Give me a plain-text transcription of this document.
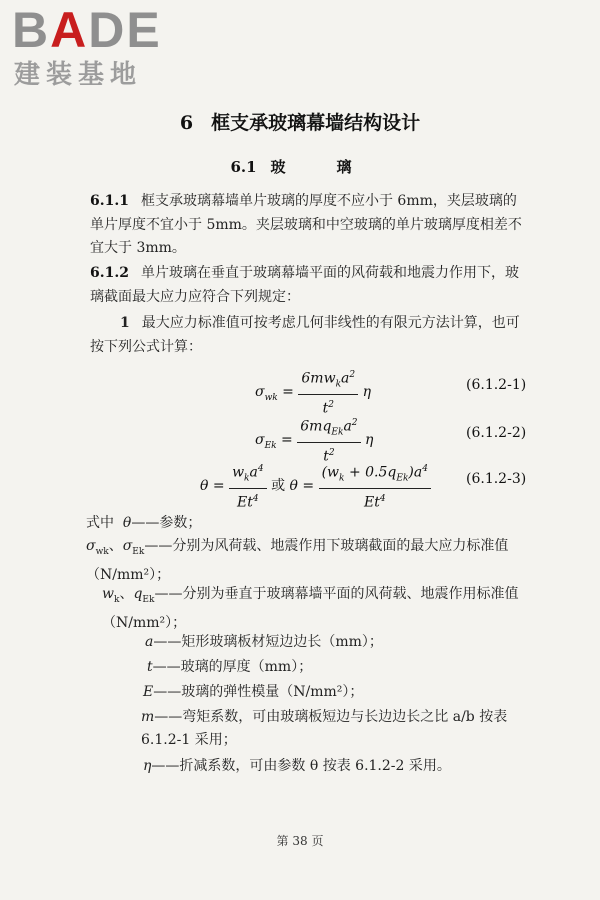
BADE
建装基地
6 框支承玻璃幕墙结构设计
6.1 玻　璃
6.1.1 框支承玻璃幕墙单片玻璃的厚度不应小于 6mm，夹层玻璃的单片厚度不宜小于 5mm。夹层玻璃和中空玻璃的单片玻璃厚度相差不宜大于 3mm。
6.1.2 单片玻璃在垂直于玻璃幕墙平面的风荷载和地震力作用下，玻璃截面最大应力应符合下列规定：
1 最大应力标准值可按考虑几何非线性的有限元方法计算，也可按下列公式计算：
$\sigma_{wk} = \frac{6mw_ka^2}{t^2}$ η	(6.1.2-1)
$\sigma_{Ek} = \frac{6mq_{Ek}a^2}{t^2}$ η	(6.1.2-2)
$\theta = \frac{w_ka^4}{Et^4}$ 或 $\theta = \frac{(w_k + 0.5q_{Ek})a^4}{Et^4}$	(6.1.2-3)
式中 θ——参数；
$\sigma_{wk}$、$\sigma_{Ek}——$分别为风荷载、地震作用下玻璃截面的最大应力标准值（N/mm²）；
$w_k$、$q_{Ek}——$分别为垂直于玻璃幕墙平面的风荷载、地震作用标准值（N/mm²）；
a——矩形玻璃板材短边边长（mm）；
t——玻璃的厚度（mm）；
E——玻璃的弹性模量（N/mm²）；
m——弯矩系数，可由玻璃板短边与长边边长之比 a/b 按表 6.1.2-1 采用；
η——折减系数，可由参数 θ 按表 6.1.2-2 采用。
第 38 页
